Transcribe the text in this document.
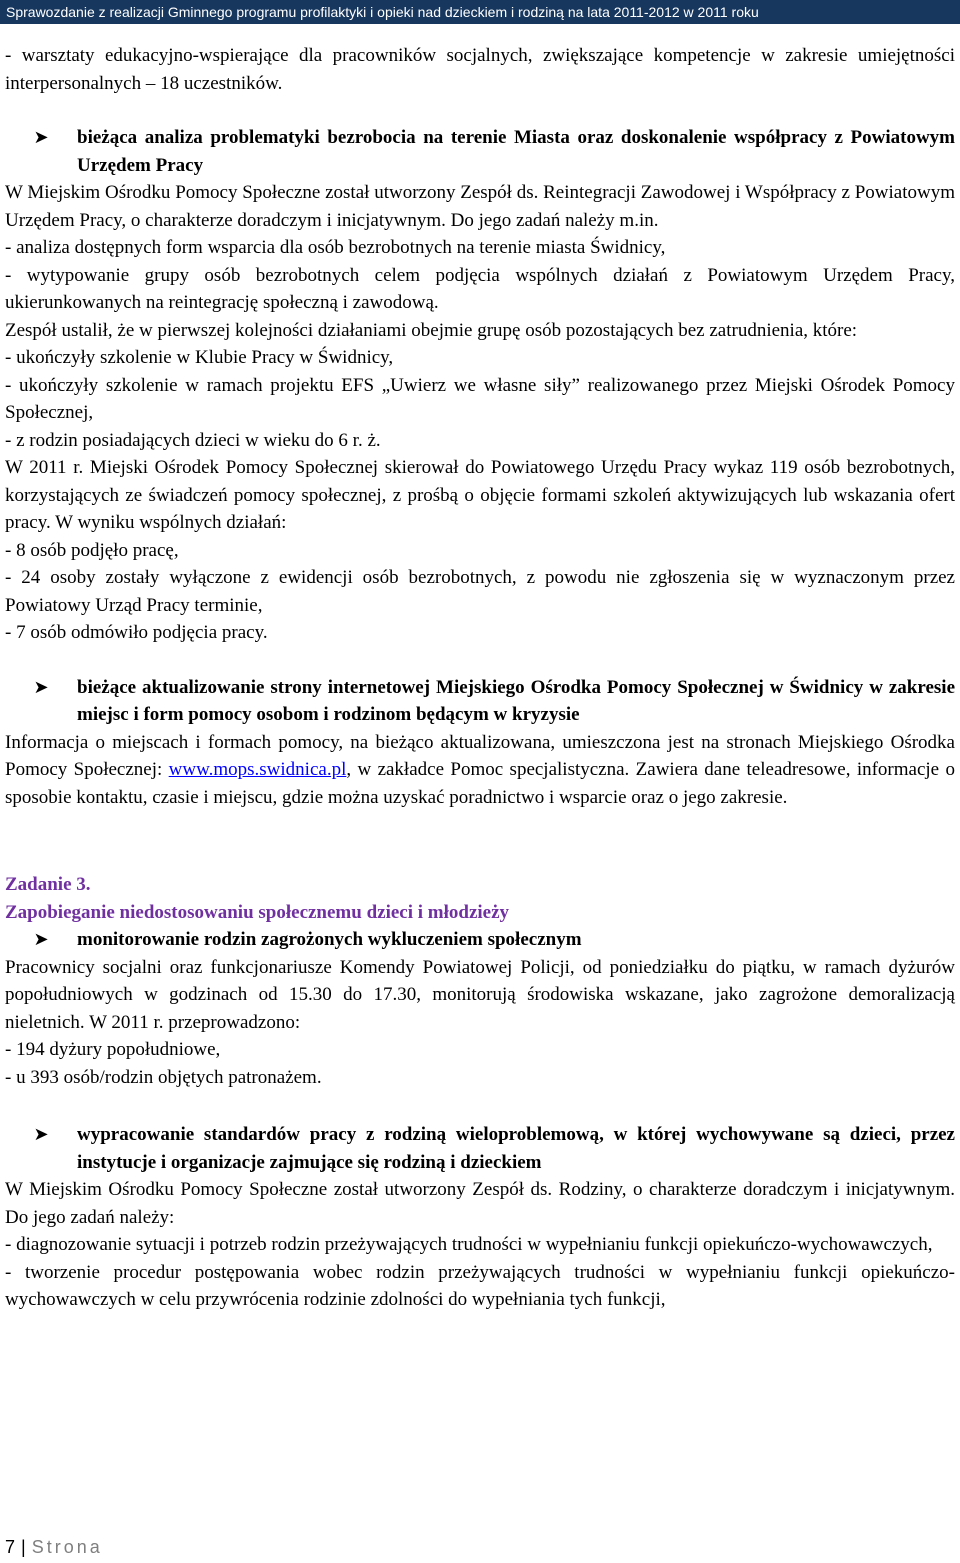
Sprawozdanie z realizacji Gminnego programu profilaktyki i opieki nad dzieckiem i rodziną na lata 2011-2012 w 2011 roku

- warsztaty edukacyjno-wspierające dla pracowników socjalnych, zwiększające kompetencje w zakresie umiejętności interpersonalnych – 18 uczestników.

➤	bieżąca analiza problematyki bezrobocia na terenie Miasta oraz doskonalenie współpracy z Powiatowym Urzędem Pracy

W Miejskim Ośrodku Pomocy Społeczne został utworzony Zespół ds. Reintegracji Zawodowej i Współpracy z Powiatowym Urzędem Pracy, o charakterze doradczym i inicjatywnym. Do jego zadań należy m.in.

- analiza dostępnych form wsparcia dla osób bezrobotnych na terenie miasta Świdnicy,

- wytypowanie grupy osób bezrobotnych celem podjęcia wspólnych działań z Powiatowym Urzędem Pracy, ukierunkowanych na reintegrację społeczną i zawodową.

Zespół ustalił, że w pierwszej kolejności działaniami obejmie grupę osób pozostających bez zatrudnienia, które:

- ukończyły szkolenie w Klubie Pracy w Świdnicy,

- ukończyły szkolenie w ramach projektu EFS „Uwierz we własne siły” realizowanego przez Miejski Ośrodek Pomocy Społecznej,

- z rodzin posiadających dzieci w wieku do 6 r. ż.

W 2011 r. Miejski Ośrodek Pomocy Społecznej skierował do Powiatowego Urzędu Pracy wykaz 119 osób bezrobotnych, korzystających ze świadczeń pomocy społecznej, z prośbą o objęcie formami szkoleń aktywizujących lub wskazania ofert pracy. W wyniku wspólnych działań:

- 8 osób podjęło pracę,

- 24 osoby zostały wyłączone z ewidencji osób bezrobotnych, z powodu nie zgłoszenia się w wyznaczonym przez Powiatowy Urząd Pracy terminie,

- 7 osób odmówiło podjęcia pracy.

➤	bieżące aktualizowanie strony internetowej Miejskiego Ośrodka Pomocy Społecznej w Świdnicy w zakresie miejsc i form pomocy osobom i rodzinom będącym w kryzysie

Informacja o miejscach i formach pomocy, na bieżąco aktualizowana, umieszczona jest na stronach Miejskiego Ośrodka Pomocy Społecznej: www.mops.swidnica.pl, w zakładce Pomoc specjalistyczna. Zawiera dane teleadresowe, informacje o sposobie kontaktu, czasie i miejscu, gdzie można uzyskać poradnictwo i wsparcie oraz o jego zakresie.

Zadanie 3.

Zapobieganie niedostosowaniu społecznemu dzieci i młodzieży

➤	monitorowanie rodzin zagrożonych wykluczeniem społecznym

Pracownicy socjalni oraz funkcjonariusze Komendy Powiatowej Policji, od poniedziałku do piątku, w ramach dyżurów popołudniowych w godzinach od 15.30 do 17.30, monitorują środowiska wskazane, jako zagrożone demoralizacją nieletnich. W 2011 r. przeprowadzono:

- 194 dyżury popołudniowe,

- u 393 osób/rodzin objętych patronażem.

➤	wypracowanie standardów pracy z rodziną wieloproblemową, w której wychowywane są dzieci, przez instytucje i organizacje zajmujące się rodziną i dzieckiem

W Miejskim Ośrodku Pomocy Społeczne został utworzony Zespół ds. Rodziny, o charakterze doradczym i inicjatywnym. Do jego zadań należy:

- diagnozowanie sytuacji i potrzeb rodzin przeżywających trudności w wypełnianiu funkcji opiekuńczo-wychowawczych,

- tworzenie procedur postępowania wobec rodzin przeżywających trudności w wypełnianiu funkcji opiekuńczo-wychowawczych w celu przywrócenia rodzinie zdolności do wypełniania tych funkcji,

7 | Strona
